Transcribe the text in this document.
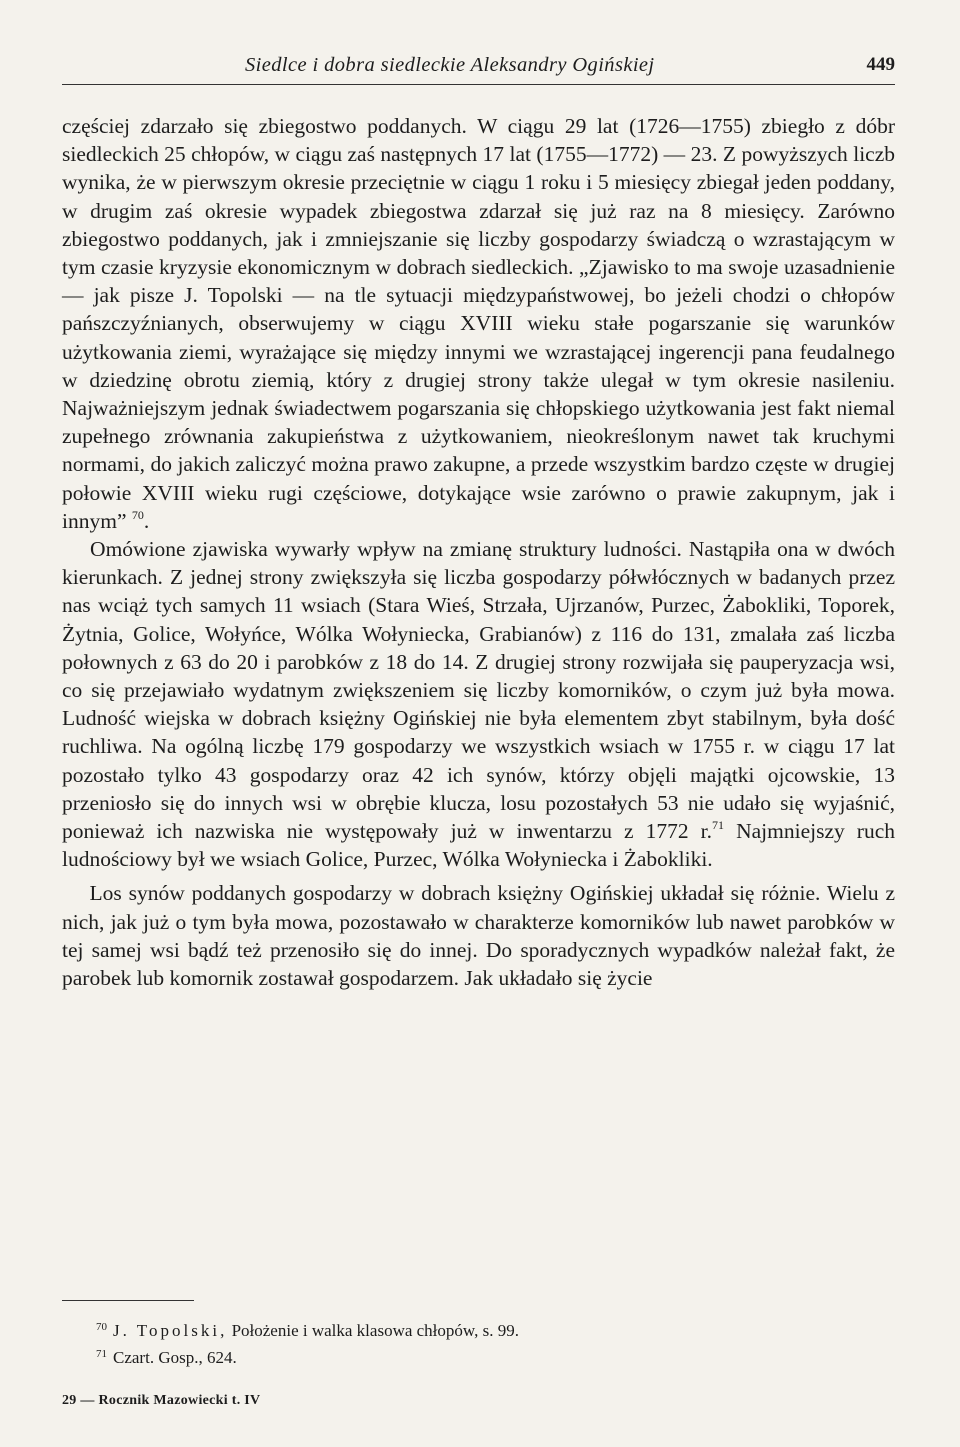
Siedlce i dobra siedleckie Aleksandry Ogińskiej	449

częściej zdarzało się zbiegostwo poddanych. W ciągu 29 lat (1726—1755) zbiegło z dóbr siedleckich 25 chłopów, w ciągu zaś następnych 17 lat (1755—1772) — 23. Z powyższych liczb wynika, że w pierwszym okresie przeciętnie w ciągu 1 roku i 5 miesięcy zbiegał jeden poddany, w drugim zaś okresie wypadek zbiegostwa zdarzał się już raz na 8 miesięcy. Zarówno zbiegostwo poddanych, jak i zmniejszanie się liczby gospodarzy świadczą o wzrastającym w tym czasie kryzysie ekonomicznym w dobrach siedleckich. „Zjawisko to ma swoje uzasadnienie — jak pisze J. Topolski — na tle sytuacji międzypaństwowej, bo jeżeli chodzi o chłopów pańszczyźnianych, obserwujemy w ciągu XVIII wieku stałe pogarszanie się warunków użytkowania ziemi, wyrażające się między innymi we wzrastającej ingerencji pana feudalnego w dziedzinę obrotu ziemią, który z drugiej strony także ulegał w tym okresie nasileniu. Najważniejszym jednak świadectwem pogarszania się chłopskiego użytkowania jest fakt niemal zupełnego zrównania zakupieństwa z użytkowaniem, nieokreślonym nawet tak kruchymi normami, do jakich zaliczyć można prawo zakupne, a przede wszystkim bardzo częste w drugiej połowie XVIII wieku rugi częściowe, dotykające wsie zarówno o prawie zakupnym, jak i innym” $^{70}$.

Omówione zjawiska wywarły wpływ na zmianę struktury ludności. Nastąpiła ona w dwóch kierunkach. Z jednej strony zwiększyła się liczba gospodarzy półwłócznych w badanych przez nas wciąż tych samych 11 wsiach (Stara Wieś, Strzała, Ujrzanów, Purzec, Żabokliki, Toporek, Żytnia, Golice, Wołyńce, Wólka Wołyniecka, Grabianów) z 116 do 131, zmalała zaś liczba połownych z 63 do 20 i parobków z 18 do 14. Z drugiej strony rozwijała się pauperyzacja wsi, co się przejawiało wydatnym zwiększeniem się liczby komorników, o czym już była mowa. Ludność wiejska w dobrach księżny Ogińskiej nie była elementem zbyt stabilnym, była dość ruchliwa. Na ogólną liczbę 179 gospodarzy we wszystkich wsiach w 1755 r. w ciągu 17 lat pozostało tylko 43 gospodarzy oraz 42 ich synów, którzy objęli majątki ojcowskie, 13 przeniosło się do innych wsi w obrębie klucza, losu pozostałych 53 nie udało się wyjaśnić, ponieważ ich nazwiska nie występowały już w inwentarzu z 1772 r.$^{71}$ Najmniejszy ruch ludnościowy był we wsiach Golice, Purzec, Wólka Wołyniecka i Żabokliki.

Los synów poddanych gospodarzy w dobrach księżny Ogińskiej układał się różnie. Wielu z nich, jak już o tym była mowa, pozostawało w charakterze komorników lub nawet parobków w tej samej wsi bądź też przenosiło się do innej. Do sporadycznych wypadków należał fakt, że parobek lub komornik zostawał gospodarzem. Jak układało się życie

$^{70}$ J. Topolski, Położenie i walka klasowa chłopów, s. 99.
$^{71}$ Czart. Gosp., 624.
29 — Rocznik Mazowiecki t. IV
